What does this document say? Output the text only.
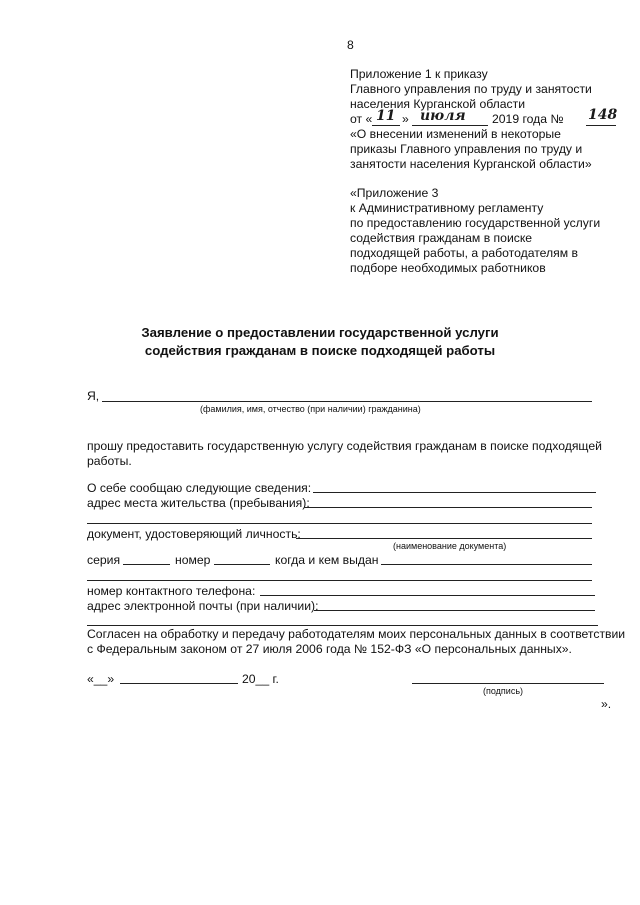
8
Приложение 1 к приказу
Главного управления по труду и занятости
населения Курганской области
от « 11 » июля 2019 года № 148
«О внесении изменений в некоторые
приказы Главного управления по труду и
занятости населения Курганской области»
«Приложение 3
к Административному регламенту
по предоставлению государственной услуги
содействия гражданам в поиске
подходящей работы, а работодателям в
подборе необходимых работников
Заявление о предоставлении государственной услуги
содействия гражданам в поиске подходящей работы
Я,
(фамилия, имя, отчество (при наличии) гражданина)
прошу предоставить государственную услугу содействия гражданам в поиске подходящей
работы.
О себе сообщаю следующие сведения:
адрес места жительства (пребывания):
документ, удостоверяющий личность:
(наименование документа)
серия	номер	когда и кем выдан
номер контактного телефона:
адрес электронной почты (при наличии):
Согласен на обработку и передачу работодателям моих персональных данных в соответствии
с Федеральным законом от 27 июля 2006 года № 152-ФЗ «О персональных данных».
«__»	20__ г.
(подпись)
».
